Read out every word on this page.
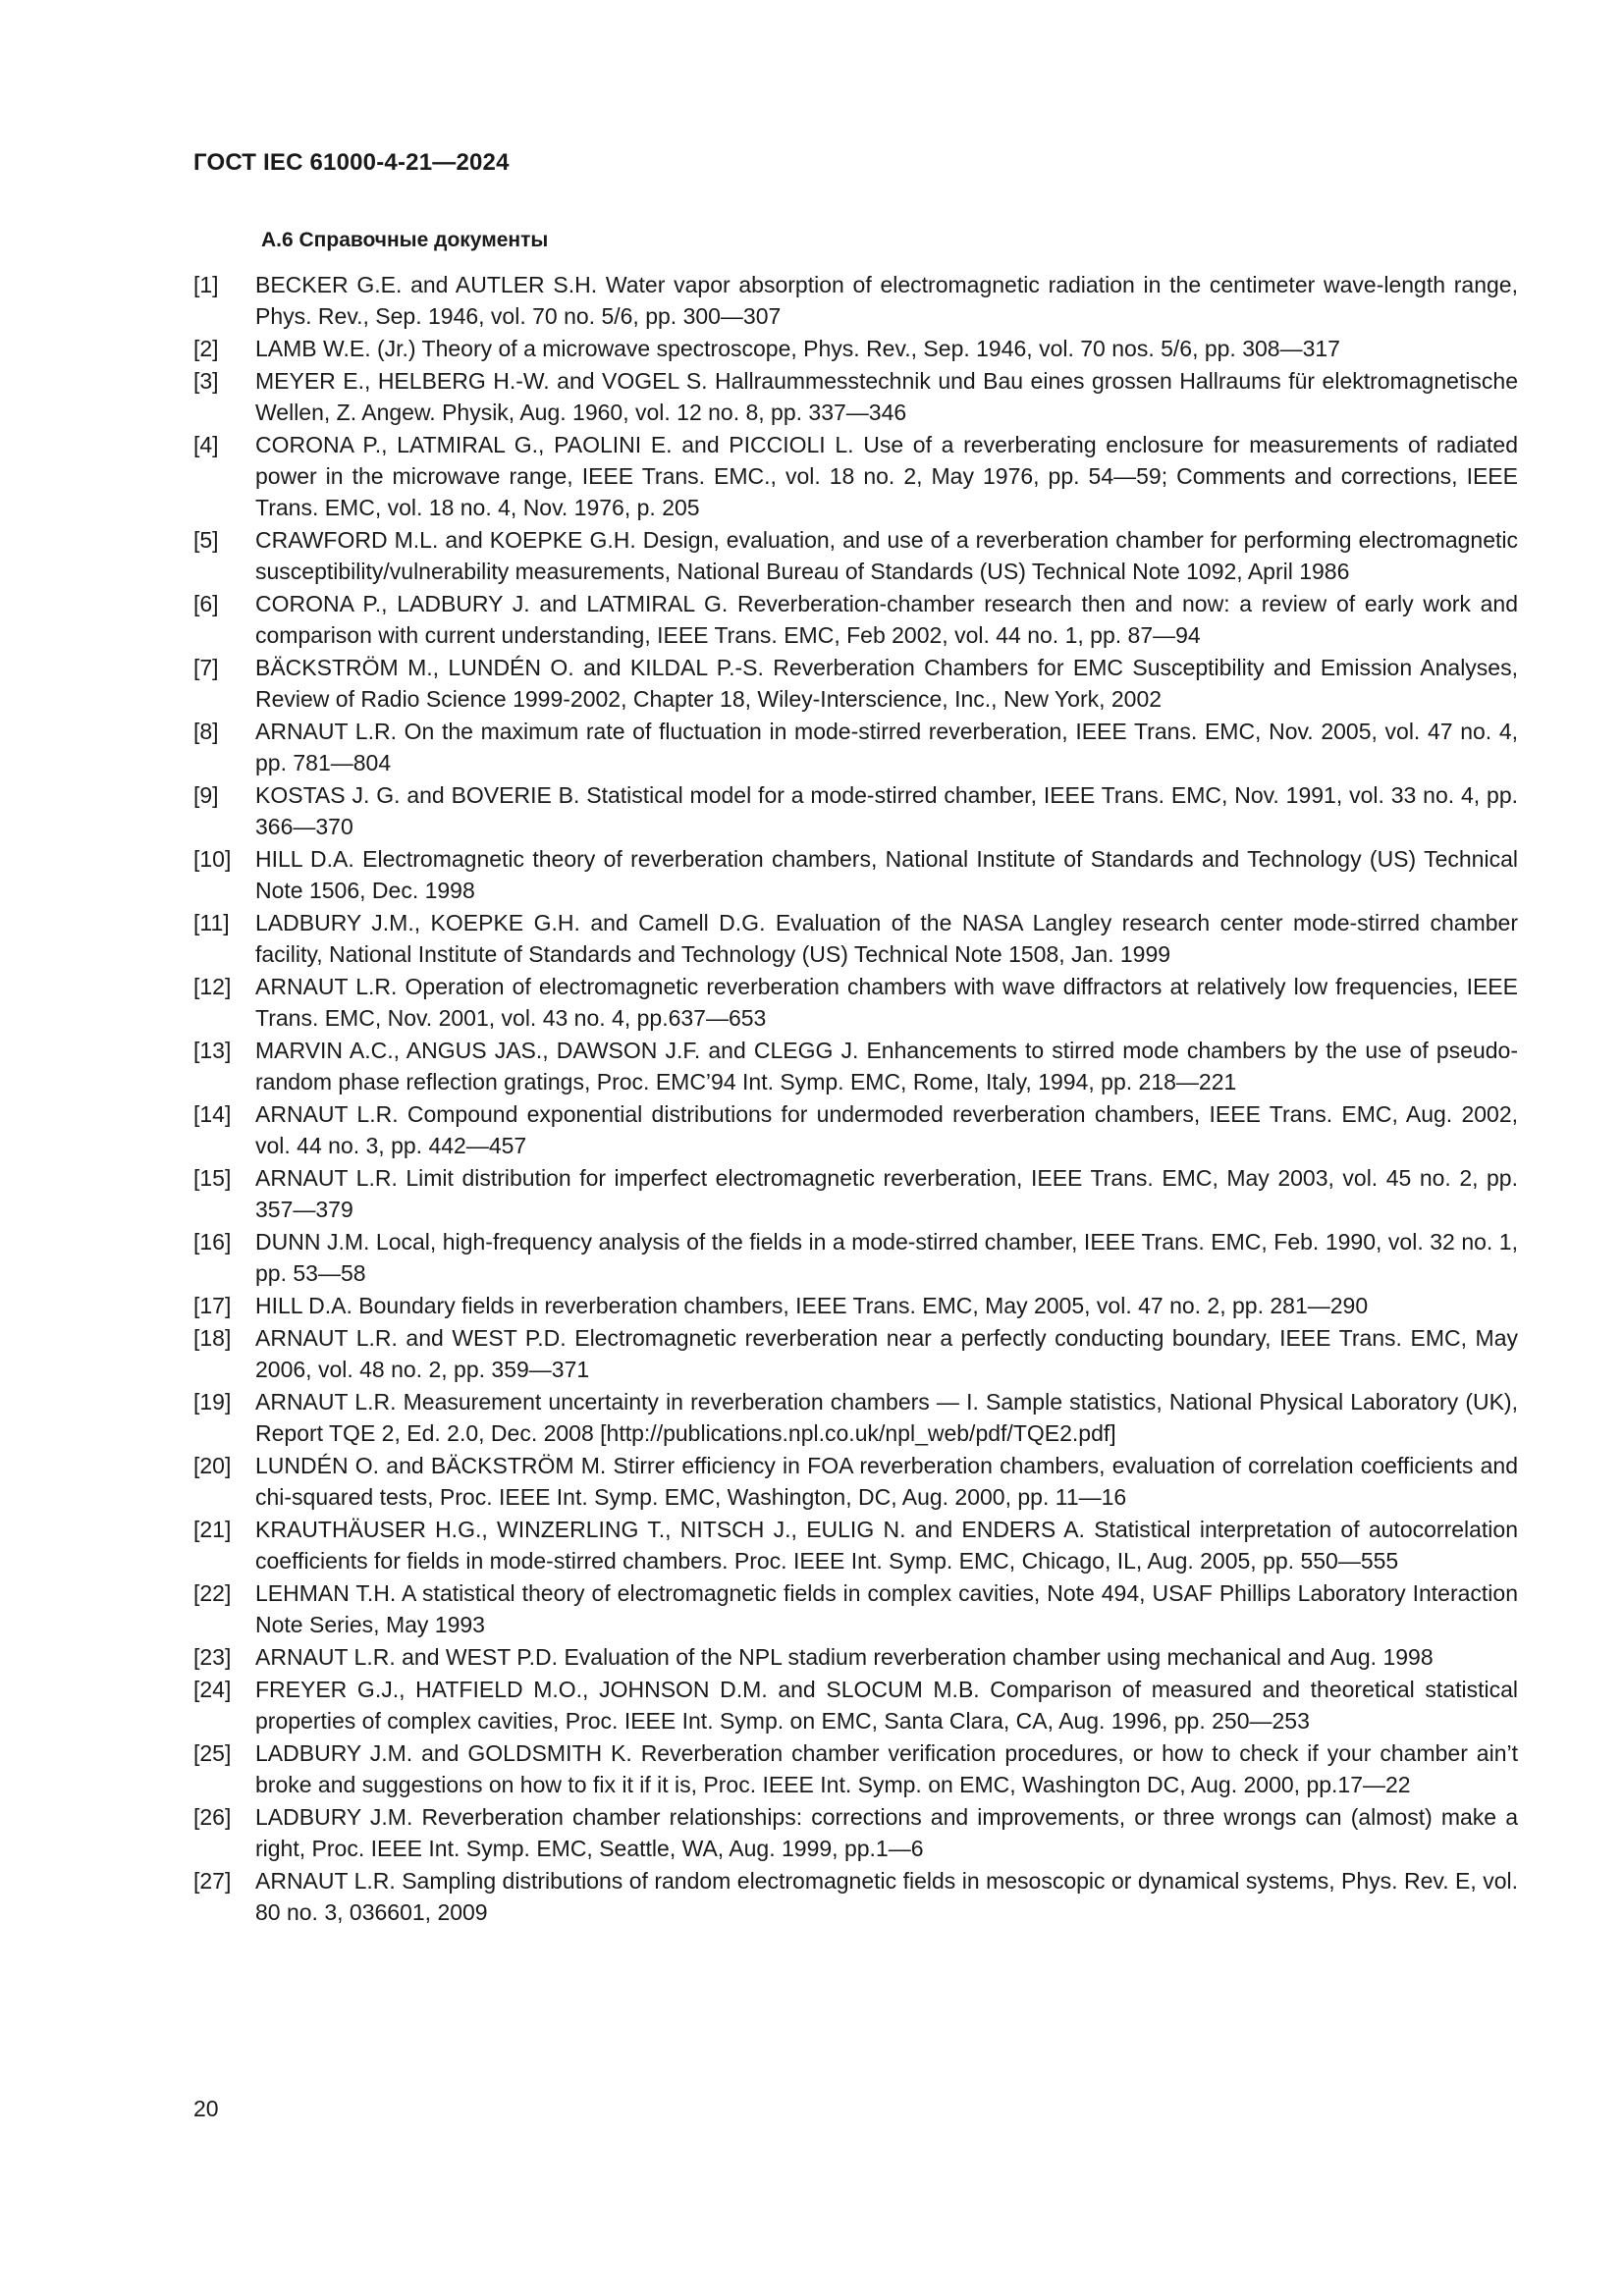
ГОСТ IEC 61000-4-21—2024
A.6 Справочные документы
[1] BECKER G.E. and AUTLER S.H. Water vapor absorption of electromagnetic radiation in the centimeter wave-length range, Phys. Rev., Sep. 1946, vol. 70 no. 5/6, pp. 300—307
[2] LAMB W.E. (Jr.) Theory of a microwave spectroscope, Phys. Rev., Sep. 1946, vol. 70 nos. 5/6, pp. 308—317
[3] MEYER E., HELBERG H.-W. and VOGEL S. Hallraummesstechnik und Bau eines grossen Hallraums für elektromagnetische Wellen, Z. Angew. Physik, Aug. 1960, vol. 12 no. 8, pp. 337—346
[4] CORONA P., LATMIRAL G., PAOLINI E. and PICCIOLI L. Use of a reverberating enclosure for measurements of radiated power in the microwave range, IEEE Trans. EMC., vol. 18 no. 2, May 1976, pp. 54—59; Comments and corrections, IEEE Trans. EMC, vol. 18 no. 4, Nov. 1976, p. 205
[5] CRAWFORD M.L. and KOEPKE G.H. Design, evaluation, and use of a reverberation chamber for performing electromagnetic susceptibility/vulnerability measurements, National Bureau of Standards (US) Technical Note 1092, April 1986
[6] CORONA P., LADBURY J. and LATMIRAL G. Reverberation-chamber research then and now: a review of early work and comparison with current understanding, IEEE Trans. EMC, Feb 2002, vol. 44 no. 1, pp. 87—94
[7] BÄCKSTRÖM M., LUNDÉN O. and KILDAL P.-S. Reverberation Chambers for EMC Susceptibility and Emission Analyses, Review of Radio Science 1999-2002, Chapter 18, Wiley-Interscience, Inc., New York, 2002
[8] ARNAUT L.R. On the maximum rate of fluctuation in mode-stirred reverberation, IEEE Trans. EMC, Nov. 2005, vol. 47 no. 4, pp. 781—804
[9] KOSTAS J. G. and BOVERIE B. Statistical model for a mode-stirred chamber, IEEE Trans. EMC, Nov. 1991, vol. 33 no. 4, pp. 366—370
[10] HILL D.A. Electromagnetic theory of reverberation chambers, National Institute of Standards and Technology (US) Technical Note 1506, Dec. 1998
[11] LADBURY J.M., KOEPKE G.H. and Camell D.G. Evaluation of the NASA Langley research center mode-stirred chamber facility, National Institute of Standards and Technology (US) Technical Note 1508, Jan. 1999
[12] ARNAUT L.R. Operation of electromagnetic reverberation chambers with wave diffractors at relatively low frequencies, IEEE Trans. EMC, Nov. 2001, vol. 43 no. 4, pp.637—653
[13] MARVIN A.C., ANGUS JAS., DAWSON J.F. and CLEGG J. Enhancements to stirred mode chambers by the use of pseudo-random phase reflection gratings, Proc. EMC’94 Int. Symp. EMC, Rome, Italy, 1994, pp. 218—221
[14] ARNAUT L.R. Compound exponential distributions for undermoded reverberation chambers, IEEE Trans. EMC, Aug. 2002, vol. 44 no. 3, pp. 442—457
[15] ARNAUT L.R. Limit distribution for imperfect electromagnetic reverberation, IEEE Trans. EMC, May 2003, vol. 45 no. 2, pp. 357—379
[16] DUNN J.M. Local, high-frequency analysis of the fields in a mode-stirred chamber, IEEE Trans. EMC, Feb. 1990, vol. 32 no. 1, pp. 53—58
[17] HILL D.A. Boundary fields in reverberation chambers, IEEE Trans. EMC, May 2005, vol. 47 no. 2, pp. 281—290
[18] ARNAUT L.R. and WEST P.D. Electromagnetic reverberation near a perfectly conducting boundary, IEEE Trans. EMC, May 2006, vol. 48 no. 2, pp. 359—371
[19] ARNAUT L.R. Measurement uncertainty in reverberation chambers — I. Sample statistics, National Physical Laboratory (UK), Report TQE 2, Ed. 2.0, Dec. 2008 [http://publications.npl.co.uk/npl_web/pdf/TQE2.pdf]
[20] LUNDÉN O. and BÄCKSTRÖM M. Stirrer efficiency in FOA reverberation chambers, evaluation of correlation coefficients and chi-squared tests, Proc. IEEE Int. Symp. EMC, Washington, DC, Aug. 2000, pp. 11—16
[21] KRAUTHÄUSER H.G., WINZERLING T., NITSCH J., EULIG N. and ENDERS A. Statistical interpretation of autocorrelation coefficients for fields in mode-stirred chambers. Proc. IEEE Int. Symp. EMC, Chicago, IL, Aug. 2005, pp. 550—555
[22] LEHMAN T.H. A statistical theory of electromagnetic fields in complex cavities, Note 494, USAF Phillips Laboratory Interaction Note Series, May 1993
[23] ARNAUT L.R. and WEST P.D. Evaluation of the NPL stadium reverberation chamber using mechanical and Aug. 1998
[24] FREYER G.J., HATFIELD M.O., JOHNSON D.M. and SLOCUM M.B. Comparison of measured and theoretical statistical properties of complex cavities, Proc. IEEE Int. Symp. on EMC, Santa Clara, CA, Aug. 1996, pp. 250—253
[25] LADBURY J.M. and GOLDSMITH K. Reverberation chamber verification procedures, or how to check if your chamber ain’t broke and suggestions on how to fix it if it is, Proc. IEEE Int. Symp. on EMC, Washington DC, Aug. 2000, pp.17—22
[26] LADBURY J.M. Reverberation chamber relationships: corrections and improvements, or three wrongs can (almost) make a right, Proc. IEEE Int. Symp. EMC, Seattle, WA, Aug. 1999, pp.1—6
[27] ARNAUT L.R. Sampling distributions of random electromagnetic fields in mesoscopic or dynamical systems, Phys. Rev. E, vol. 80 no. 3, 036601, 2009
20
